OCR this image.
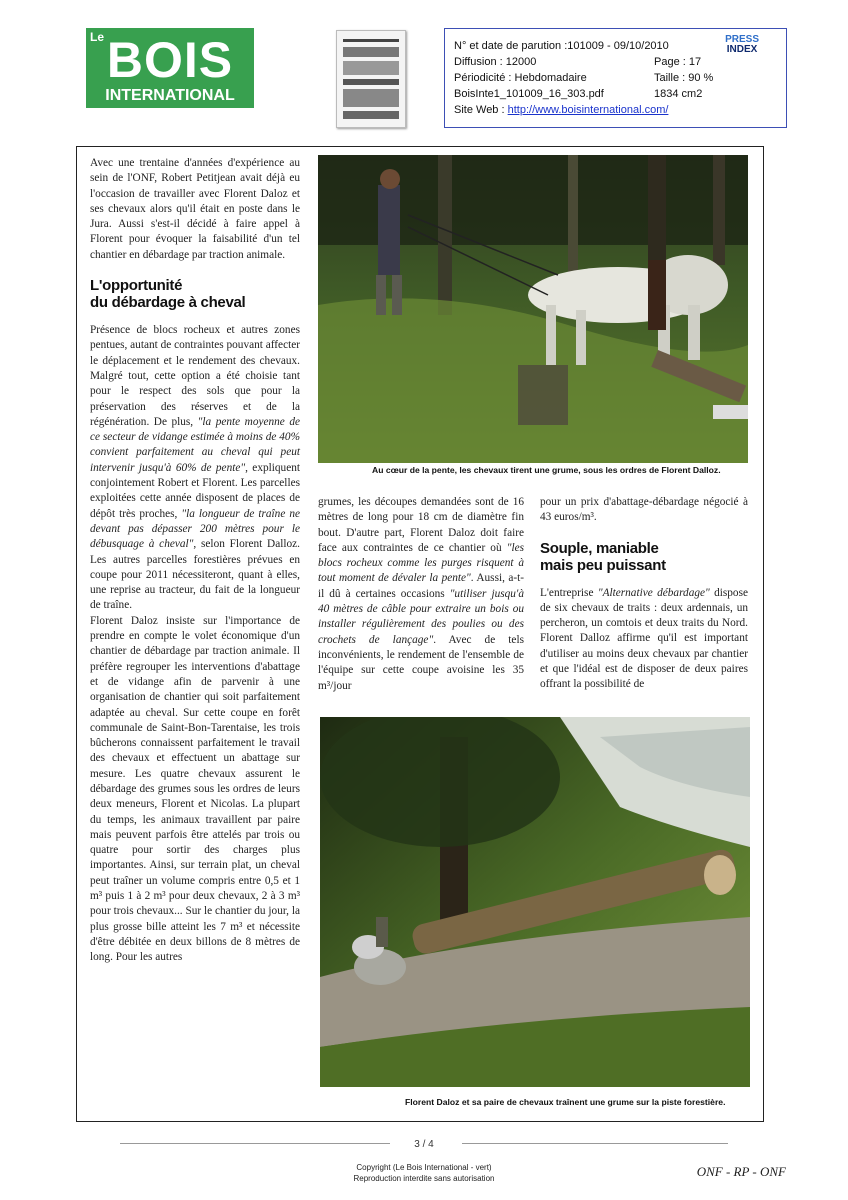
Le BOIS
INTERNATIONAL
N° et date de parution :101009 - 09/10/2010
Diffusion : 12000	Page : 17
Périodicité : Hebdomadaire	Taille : 90 %
BoisInte1_101009_16_303.pdf	1834 cm2
Site Web : http://www.boisinternational.com/
PRESS
INDEX

Avec une trentaine d'années d'expérience au sein de l'ONF, Robert Petitjean avait déjà eu l'occasion de travailler avec Florent Daloz et ses chevaux alors qu'il était en poste dans le Jura. Aussi s'est-il décidé à faire appel à Florent pour évoquer la faisabilité d'un tel chantier en débardage par traction animale.

L'opportunité
du débardage à cheval

Présence de blocs rocheux et autres zones pentues, autant de contraintes pouvant affecter le déplacement et le rendement des chevaux. Malgré tout, cette option a été choisie tant pour le respect des sols que pour la préservation des réserves et de la régénération. De plus, "la pente moyenne de ce secteur de vidange estimée à moins de 40% convient parfaitement au cheval qui peut intervenir jusqu'à 60% de pente", expliquent conjointement Robert et Florent. Les parcelles exploitées cette année disposent de places de dépôt très proches, "la longueur de traîne ne devant pas dépasser 200 mètres pour le débusquage à cheval", selon Florent Dalloz. Les autres parcelles forestières prévues en coupe pour 2011 nécessiteront, quant à elles, une reprise au tracteur, du fait de la longueur de traîne.

Florent Daloz insiste sur l'importance de prendre en compte le volet économique d'un chantier de débardage par traction animale. Il préfère regrouper les interventions d'abattage et de vidange afin de parvenir à une organisation de chantier qui soit parfaitement adaptée au cheval. Sur cette coupe en forêt communale de Saint-Bon-Tarentaise, les trois bûcherons connaissent parfaitement le travail des chevaux et effectuent un abattage sur mesure. Les quatre chevaux assurent le débardage des grumes sous les ordres de leurs deux meneurs, Florent et Nicolas. La plupart du temps, les animaux travaillent par paire mais peuvent parfois être attelés par trois ou quatre pour sortir des charges plus importantes. Ainsi, sur terrain plat, un cheval peut traîner un volume compris entre 0,5 et 1 m³ puis 1 à 2 m³ pour deux chevaux, 2 à 3 m³ pour trois chevaux... Sur le chantier du jour, la plus grosse bille atteint les 7 m³ et nécessite d'être débitée en deux billons de 8 mètres de long. Pour les autres

Au cœur de la pente, les chevaux tirent une grume, sous les ordres de Florent Dalloz.

grumes, les découpes demandées sont de 16 mètres de long pour 18 cm de diamètre fin bout. D'autre part, Florent Daloz doit faire face aux contraintes de ce chantier où "les blocs rocheux comme les purges risquent à tout moment de dévaler la pente". Aussi, a-t-il dû à certaines occasions "utiliser jusqu'à 40 mètres de câble pour extraire un bois ou installer régulièrement des poulies ou des crochets de lançage". Avec de tels inconvénients, le rendement de l'ensemble de l'équipe sur cette coupe avoisine les 35 m³/jour

pour un prix d'abattage-débardage négocié à 43 euros/m³.

Souple, maniable
mais peu puissant

L'entreprise "Alternative débardage" dispose de six chevaux de traits : deux ardennais, un percheron, un comtois et deux traits du Nord. Florent Dalloz affirme qu'il est important d'utiliser au moins deux chevaux par chantier et que l'idéal est de disposer de deux paires offrant la possibilité de

Florent Daloz et sa paire de chevaux traînent une grume sur la piste forestière.
3 / 4
Copyright (Le Bois International - vert)
Reproduction interdite sans autorisation	ONF - RP - ONF
